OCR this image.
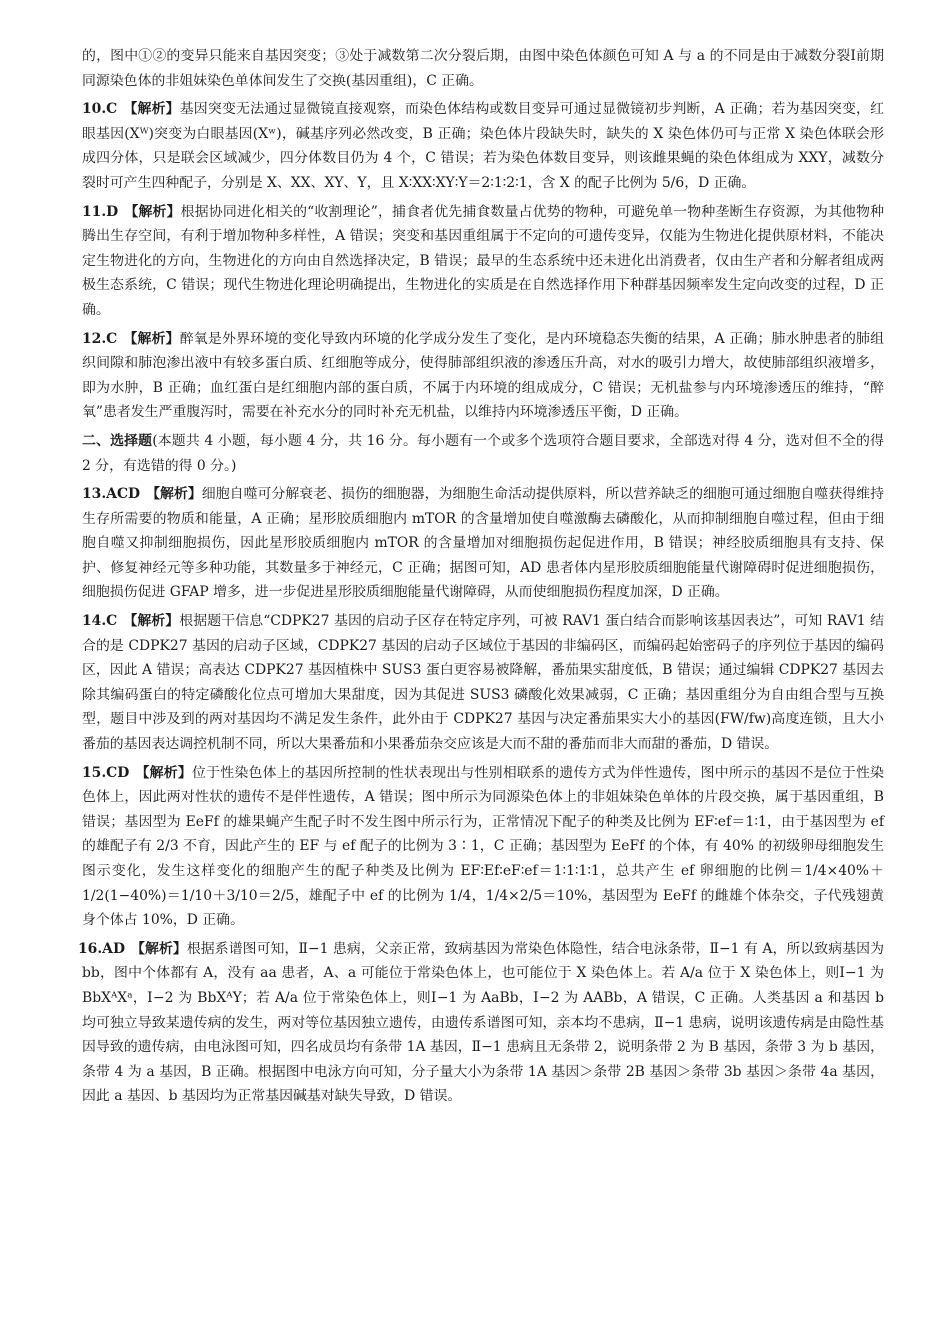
的，图中①②的变异只能来自基因突变；③处于减数第二次分裂后期，由图中染色体颜色可知 A 与 a 的不同是由于减数分裂Ⅰ前期同源染色体的非姐妹染色单体间发生了交换(基因重组)，C 正确。

10.C 【解析】基因突变无法通过显微镜直接观察，而染色体结构或数目变异可通过显微镜初步判断，A 正确；若为基因突变，红眼基因(Xᵂ)突变为白眼基因(Xʷ)，碱基序列必然改变，B 正确；染色体片段缺失时，缺失的 X 染色体仍可与正常 X 染色体联会形成四分体，只是联会区域减少，四分体数目仍为 4 个，C 错误；若为染色体数目变异，则该雌果蝇的染色体组成为 XXY，减数分裂时可产生四种配子，分别是 X、XX、XY、Y，且 X∶XX∶XY∶Y＝2∶1∶2∶1，含 X 的配子比例为 5/6，D 正确。
11.D 【解析】根据协同进化相关的“收割理论”，捕食者优先捕食数量占优势的物种，可避免单一物种垄断生存资源，为其他物种腾出生存空间，有利于增加物种多样性，A 错误；突变和基因重组属于不定向的可遗传变异，仅能为生物进化提供原材料，不能决定生物进化的方向，生物进化的方向由自然选择决定，B 错误；最早的生态系统中还未进化出消费者，仅由生产者和分解者组成两极生态系统，C 错误；现代生物进化理论明确提出，生物进化的实质是在自然选择作用下种群基因频率发生定向改变的过程，D 正确。
12.C 【解析】醉氧是外界环境的变化导致内环境的化学成分发生了变化，是内环境稳态失衡的结果，A 正确；肺水肿患者的肺组织间隙和肺泡渗出液中有较多蛋白质、红细胞等成分，使得肺部组织液的渗透压升高，对水的吸引力增大，故使肺部组织液增多，即为水肿，B 正确；血红蛋白是红细胞内部的蛋白质，不属于内环境的组成成分，C 错误；无机盐参与内环境渗透压的维持，“醉氧”患者发生严重腹泻时，需要在补充水分的同时补充无机盐，以维持内环境渗透压平衡，D 正确。
二、选择题(本题共 4 小题，每小题 4 分，共 16 分。每小题有一个或多个选项符合题目要求，全部选对得 4 分，选对但不全的得 2 分，有选错的得 0 分。)
13.ACD 【解析】细胞自噬可分解衰老、损伤的细胞器，为细胞生命活动提供原料，所以营养缺乏的细胞可通过细胞自噬获得维持生存所需要的物质和能量，A 正确；星形胶质细胞内 mTOR 的含量增加使自噬激酶去磷酸化，从而抑制细胞自噬过程，但由于细胞自噬又抑制细胞损伤，因此星形胶质细胞内 mTOR 的含量增加对细胞损伤起促进作用，B 错误；神经胶质细胞具有支持、保护、修复神经元等多种功能，其数量多于神经元，C 正确；据图可知，AD 患者体内星形胶质细胞能量代谢障碍时促进细胞损伤，细胞损伤促进 GFAP 增多，进一步促进星形胶质细胞能量代谢障碍，从而使细胞损伤程度加深，D 正确。
14.C 【解析】根据题干信息“CDPK27 基因的启动子区存在特定序列，可被 RAV1 蛋白结合而影响该基因表达”，可知 RAV1 结合的是 CDPK27 基因的启动子区域，CDPK27 基因的启动子区域位于基因的非编码区，而编码起始密码子的序列位于基因的编码区，因此 A 错误；高表达 CDPK27 基因植株中 SUS3 蛋白更容易被降解，番茄果实甜度低，B 错误；通过编辑 CDPK27 基因去除其编码蛋白的特定磷酸化位点可增加大果甜度，因为其促进 SUS3 磷酸化效果减弱，C 正确；基因重组分为自由组合型与互换型，题目中涉及到的两对基因均不满足发生条件，此外由于 CDPK27 基因与决定番茄果实大小的基因(FW/fw)高度连锁，且大小番茄的基因表达调控机制不同，所以大果番茄和小果番茄杂交应该是大而不甜的番茄而非大而甜的番茄，D 错误。
15.CD 【解析】位于性染色体上的基因所控制的性状表现出与性别相联系的遗传方式为伴性遗传，图中所示的基因不是位于性染色体上，因此两对性状的遗传不是伴性遗传，A 错误；图中所示为同源染色体上的非姐妹染色单体的片段交换，属于基因重组，B 错误；基因型为 EeFf 的雄果蝇产生配子时不发生图中所示行为，正常情况下配子的种类及比例为 EF∶ef＝1∶1，由于基因型为 ef 的雄配子有 2/3 不育，因此产生的 EF 与 ef 配子的比例为 3∶1，C 正确；基因型为 EeFf 的个体，有 40% 的初级卵母细胞发生图示变化，发生这样变化的细胞产生的配子种类及比例为 EF∶Ef∶eF∶ef＝1∶1∶1∶1，总共产生 ef 卵细胞的比例＝1/4×40%＋1/2(1−40%)＝1/10＋3/10＝2/5，雄配子中 ef 的比例为 1/4，1/4×2/5＝10%，基因型为 EeFf 的雌雄个体杂交，子代残翅黄身个体占 10%，D 正确。
16.AD 【解析】根据系谱图可知，Ⅱ−1 患病，父亲正常，致病基因为常染色体隐性，结合电泳条带，Ⅱ−1 有 A，所以致病基因为 bb，图中个体都有 A，没有 aa 患者，A、a 可能位于常染色体上，也可能位于 X 染色体上。若 A/a 位于 X 染色体上，则Ⅰ−1 为 BbXᴬXᵃ，Ⅰ−2 为 BbXᴬY；若 A/a 位于常染色体上，则Ⅰ−1 为 AaBb，Ⅰ−2 为 AABb，A 错误，C 正确。人类基因 a 和基因 b 均可独立导致某遗传病的发生，两对等位基因独立遗传，由遗传系谱图可知，亲本均不患病，Ⅱ−1 患病，说明该遗传病是由隐性基因导致的遗传病，由电泳图可知，四名成员均有条带 1A 基因，Ⅱ−1 患病且无条带 2，说明条带 2 为 B 基因，条带 3 为 b 基因，条带 4 为 a 基因，B 正确。根据图中电泳方向可知，分子量大小为条带 1A 基因＞条带 2B 基因＞条带 3b 基因＞条带 4a 基因，因此 a 基因、b 基因均为正常基因碱基对缺失导致，D 错误。
